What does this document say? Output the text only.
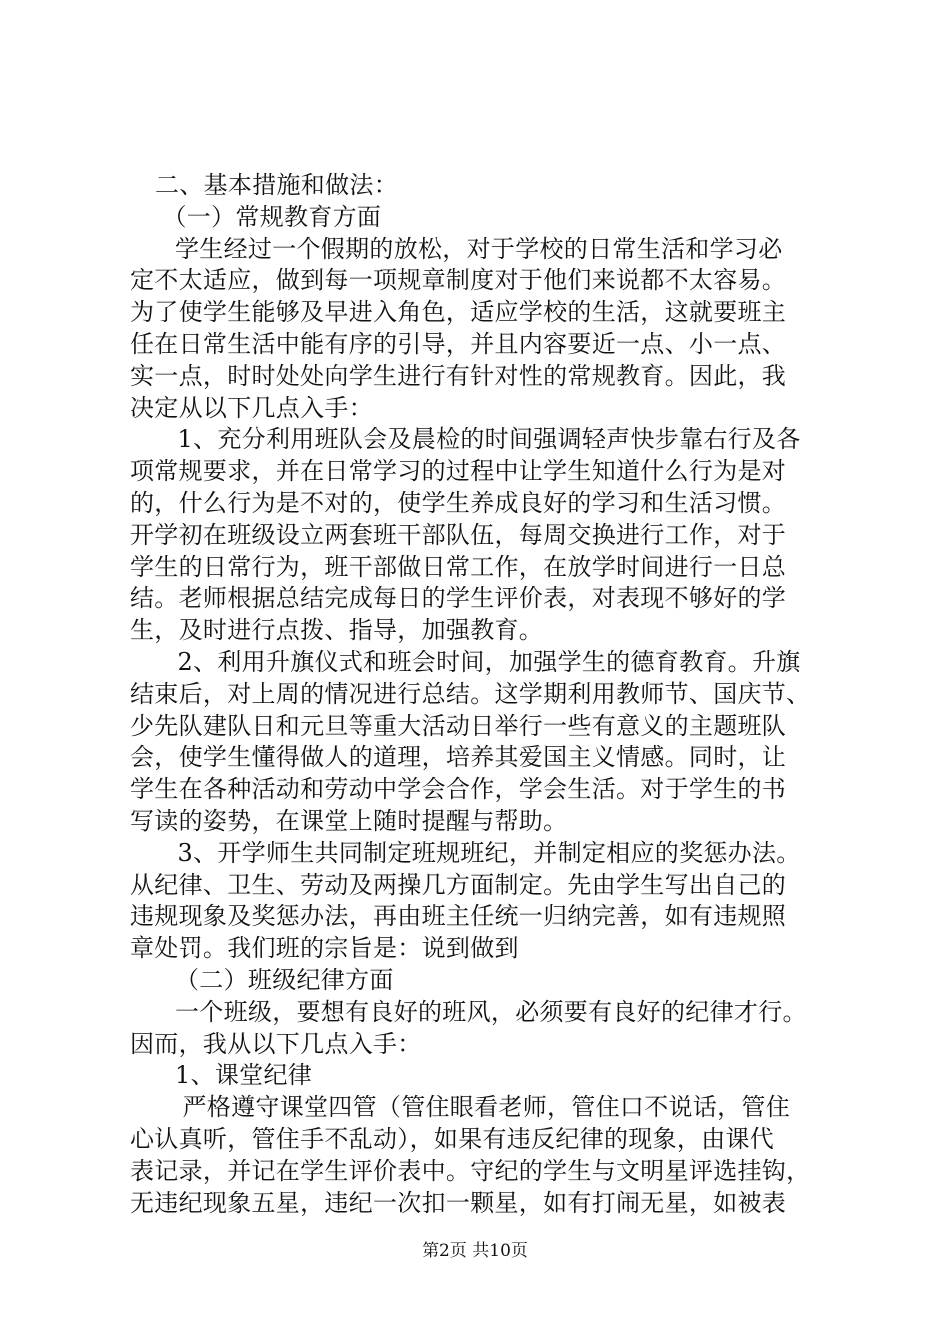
二、基本措施和做法：
（一）常规教育方面
学生经过一个假期的放松，对于学校的日常生活和学习必
定不太适应，做到每一项规章制度对于他们来说都不太容易。
为了使学生能够及早进入角色，适应学校的生活，这就要班主
任在日常生活中能有序的引导，并且内容要近一点、小一点、
实一点，时时处处向学生进行有针对性的常规教育。因此，我
决定从以下几点入手：
1、充分利用班队会及晨检的时间强调轻声快步靠右行及各
项常规要求，并在日常学习的过程中让学生知道什么行为是对
的，什么行为是不对的，使学生养成良好的学习和生活习惯。
开学初在班级设立两套班干部队伍，每周交换进行工作，对于
学生的日常行为，班干部做日常工作，在放学时间进行一日总
结。老师根据总结完成每日的学生评价表，对表现不够好的学
生，及时进行点拨、指导，加强教育。
2、利用升旗仪式和班会时间，加强学生的德育教育。升旗
结束后，对上周的情况进行总结。这学期利用教师节、国庆节、
少先队建队日和元旦等重大活动日举行一些有意义的主题班队
会，使学生懂得做人的道理，培养其爱国主义情感。同时，让
学生在各种活动和劳动中学会合作，学会生活。对于学生的书
写读的姿势，在课堂上随时提醒与帮助。
3、开学师生共同制定班规班纪，并制定相应的奖惩办法。
从纪律、卫生、劳动及两操几方面制定。先由学生写出自己的
违规现象及奖惩办法，再由班主任统一归纳完善，如有违规照
章处罚。我们班的宗旨是：说到做到
（二）班级纪律方面
一个班级，要想有良好的班风，必须要有良好的纪律才行。
因而，我从以下几点入手：
1、课堂纪律
严格遵守课堂四管（管住眼看老师，管住口不说话，管住
心认真听，管住手不乱动），如果有违反纪律的现象，由课代
表记录，并记在学生评价表中。守纪的学生与文明星评选挂钩，
无违纪现象五星，违纪一次扣一颗星，如有打闹无星，如被表
第2页 共10页
